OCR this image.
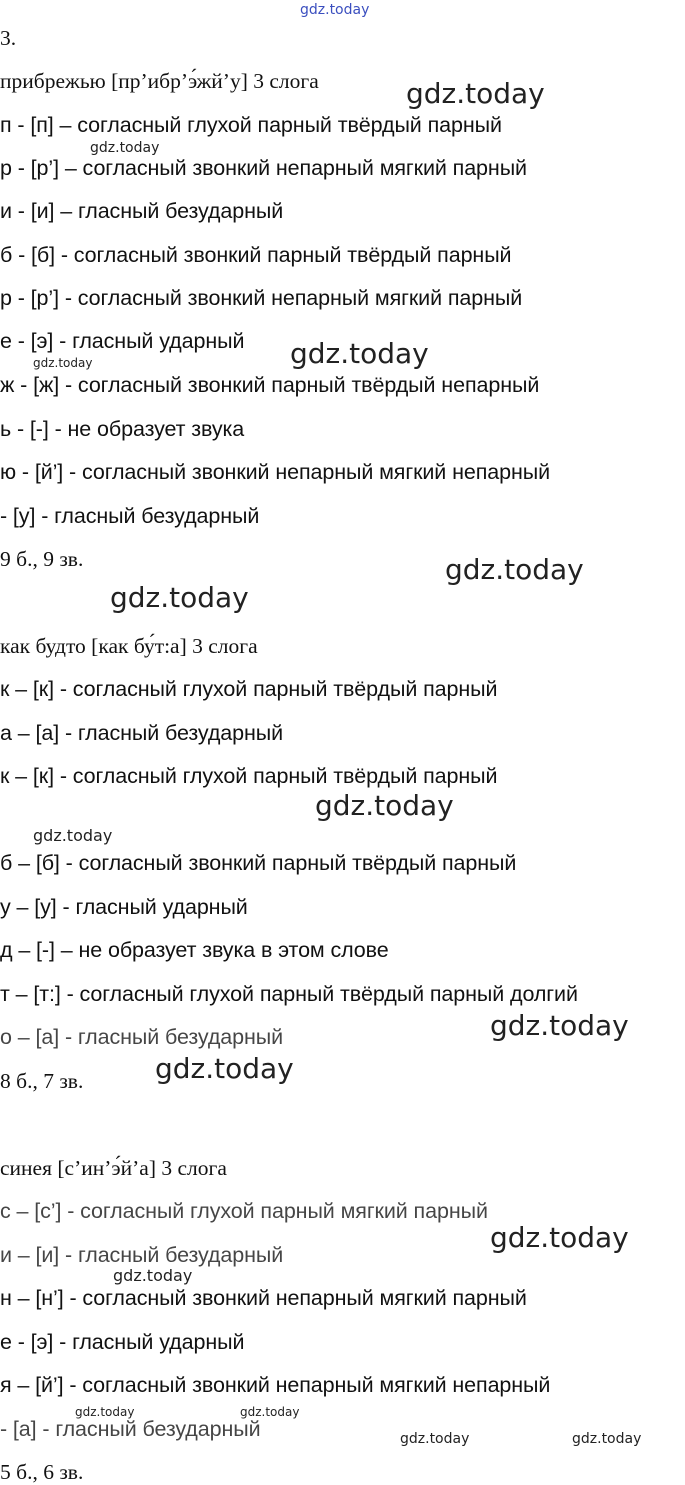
gdz.today
3.
прибрежью [пр’ибр’э́жй’у] 3 слога
п - [п] – согласный глухой парный твёрдый парный
р - [р’] – согласный звонкий непарный мягкий парный
и - [и] – гласный безударный
б - [б] - согласный звонкий парный твёрдый парный
р - [р’] - согласный звонкий непарный мягкий парный
е - [э] - гласный ударный
ж - [ж] - согласный звонкий парный твёрдый непарный
ь - [-] - не образует звука
ю - [й’] - согласный звонкий непарный мягкий непарный
- [у] - гласный безударный
9 б., 9 зв.
как будто [как бу́т:а] 3 слога
к – [к] - согласный глухой парный твёрдый парный
а – [а] - гласный безударный
к – [к] - согласный глухой парный твёрдый парный
б – [б] - согласный звонкий парный твёрдый парный
у – [у] - гласный ударный
д – [-] – не образует звука в этом слове
т – [т:] - согласный глухой парный твёрдый парный долгий
о – [а] - гласный безударный
8 б., 7 зв.
синея [с’ин’э́й’а] 3 слога
с – [с’] - согласный глухой парный мягкий парный
и – [и] - гласный безударный
н – [н’] - согласный звонкий непарный мягкий парный
е - [э] - гласный ударный
я – [й’] - согласный звонкий непарный мягкий непарный
- [а] - гласный безударный
5 б., 6 зв.
gdz.today
gdz.today
gdz.today
gdz.today
gdz.today
gdz.today
gdz.today
gdz.today
gdz.today
gdz.today
gdz.today
gdz.today
gdz.today	gdz.today
gdz.today	gdz.today
